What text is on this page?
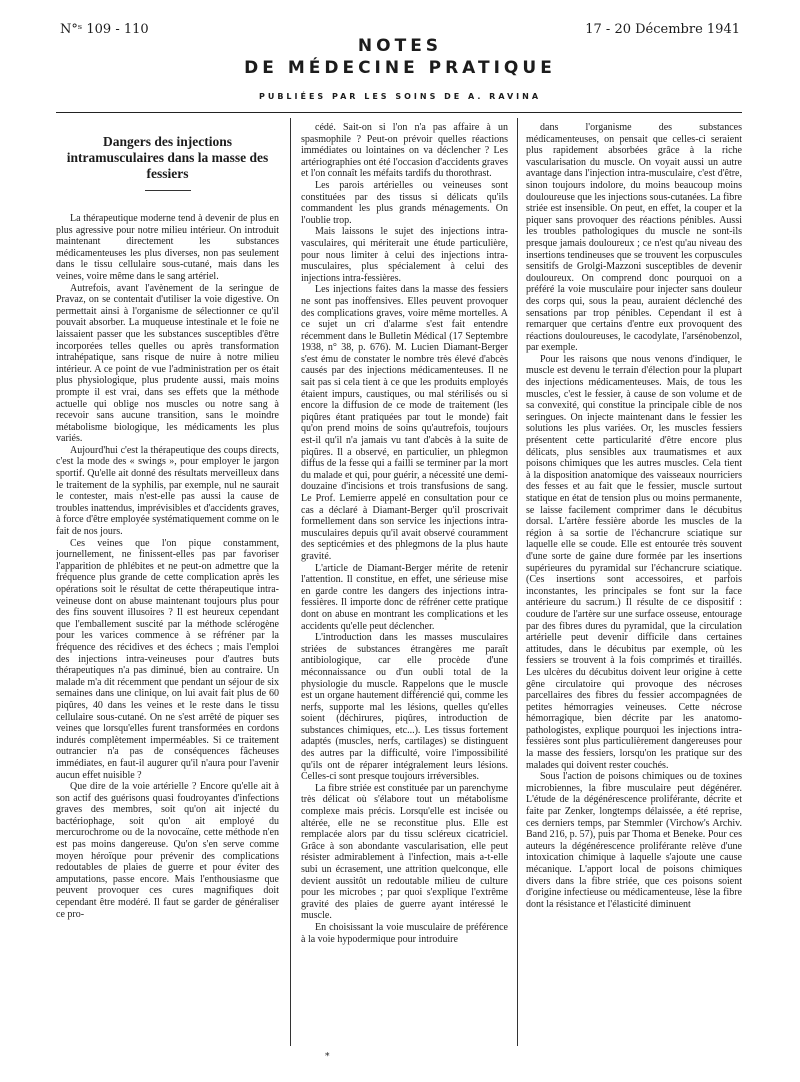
N°ˢ 109 - 110	17 - 20 Décembre 1941
NOTES
DE MÉDECINE PRATIQUE
PUBLIÉES PAR LES SOINS DE A. RAVINA
Dangers des injections intramusculaires dans la masse des fessiers

La thérapeutique moderne tend à devenir de plus en plus agressive pour notre milieu intérieur. On introduit maintenant directement les substances médicamenteuses les plus diverses, non pas seulement dans le tissu cellulaire sous-cutané, mais dans les veines, voire même dans le sang artériel.

Autrefois, avant l'avènement de la seringue de Pravaz, on se contentait d'utiliser la voie digestive. On permettait ainsi à l'organisme de sélectionner ce qu'il pouvait absorber. La muqueuse intestinale et le foie ne laissaient passer que les substances susceptibles d'être incorporées telles quelles ou après transformation intrahépatique, sans risque de nuire à notre milieu intérieur. A ce point de vue l'administration per os était plus physiologique, plus prudente aussi, mais moins prompte il est vrai, dans ses effets que la méthode actuelle qui oblige nos muscles ou notre sang à recevoir sans aucune transition, sans le moindre métabolisme biologique, les médicaments les plus variés.

Aujourd'hui c'est la thérapeutique des coups directs, c'est la mode des « swings », pour employer le jargon sportif. Qu'elle ait donné des résultats merveilleux dans le traitement de la syphilis, par exemple, nul ne saurait le contester, mais n'est-elle pas aussi la cause de troubles inattendus, imprévisibles et d'accidents graves, à force d'être employée systématiquement comme on le fait de nos jours.

Ces veines que l'on pique constamment, journellement, ne finissent-elles pas par favoriser l'apparition de phlébites et ne peut-on admettre que la fréquence plus grande de cette complication après les opérations soit le résultat de cette thérapeutique intra-veineuse dont on abuse maintenant toujours plus pour des fins souvent illusoires ? Il est heureux cependant que l'emballement suscité par la méthode sclérogène pour les varices commence à se réfréner par la fréquence des récidives et des échecs ; mais l'emploi des injections intra-veineuses pour d'autres buts thérapeutiques n'a pas diminué, bien au contraire. Un malade m'a dit récemment que pendant un séjour de six semaines dans une clinique, on lui avait fait plus de 60 piqûres, 40 dans les veines et le reste dans le tissu cellulaire sous-cutané. On ne s'est arrêté de piquer ses veines que lorsqu'elles furent transformées en cordons indurés complètement imperméables. Si ce traitement outrancier n'a pas de conséquences fâcheuses immédiates, en faut-il augurer qu'il n'aura pour l'avenir aucun effet nuisible ?

Que dire de la voie artérielle ? Encore qu'elle ait à son actif des guérisons quasi foudroyantes d'infections graves des membres, soit qu'on ait injecté du bactériophage, soit qu'on ait employé du mercurochrome ou de la novocaïne, cette méthode n'en est pas moins dangereuse. Qu'on s'en serve comme moyen héroïque pour prévenir des complications redoutables de plaies de guerre et pour éviter des amputations, passe encore. Mais l'enthousiasme que peuvent provoquer ces cures magnifiques doit cependant être modéré. Il faut se garder de généraliser ce pro-

cédé. Sait-on si l'on n'a pas affaire à un spasmophile ? Peut-on prévoir quelles réactions immédiates ou lointaines on va déclencher ? Les artériographies ont été l'occasion d'accidents graves et l'on connaît les méfaits tardifs du thorothrast.

Les parois artérielles ou veineuses sont constituées par des tissus si délicats qu'ils commandent les plus grands ménagements. On l'oublie trop.

Mais laissons le sujet des injections intra-vasculaires, qui mériterait une étude particulière, pour nous limiter à celui des injections intra-musculaires, plus spécialement à celui des injections intra-fessières.

Les injections faites dans la masse des fessiers ne sont pas inoffensives. Elles peuvent provoquer des complications graves, voire même mortelles. A ce sujet un cri d'alarme s'est fait entendre récemment dans le Bulletin Médical (17 Septembre 1938, n° 38, p. 676). M. Lucien Diamant-Berger s'est ému de constater le nombre très élevé d'abcès causés par des injections médicamenteuses. Il ne sait pas si cela tient à ce que les produits employés étaient impurs, caustiques, ou mal stérilisés ou si encore la diffusion de ce mode de traitement (les piqûres étant pratiquées par tout le monde) fait qu'on prend moins de soins qu'autrefois, toujours est-il qu'il n'a jamais vu tant d'abcès à la suite de piqûres. Il a observé, en particulier, un phlegmon diffus de la fesse qui a failli se terminer par la mort du malade et qui, pour guérir, a nécessité une demi-douzaine d'incisions et trois transfusions de sang. Le Prof. Lemierre appelé en consultation pour ce cas a déclaré à Diamant-Berger qu'il proscrivait formellement dans son service les injections intra-musculaires depuis qu'il avait observé couramment des septicémies et des phlegmons de la plus haute gravité.

L'article de Diamant-Berger mérite de retenir l'attention. Il constitue, en effet, une sérieuse mise en garde contre les dangers des injections intra-fessières. Il importe donc de réfréner cette pratique dont on abuse en montrant les complications et les accidents qu'elle peut déclencher.

L'introduction dans les masses musculaires striées de substances étrangères me paraît antibiologique, car elle procède d'une méconnaissance ou d'un oubli total de la physiologie du muscle. Rappelons que le muscle est un organe hautement différencié qui, comme les nerfs, supporte mal les lésions, quelles qu'elles soient (déchirures, piqûres, introduction de substances chimiques, etc...). Les tissus fortement adaptés (muscles, nerfs, cartilages) se distinguent des autres par la difficulté, voire l'impossibilité qu'ils ont de réparer intégralement leurs lésions. Celles-ci sont presque toujours irréversibles.

La fibre striée est constituée par un parenchyme très délicat où s'élabore tout un métabolisme complexe mais précis. Lorsqu'elle est incisée ou altérée, elle ne se reconstitue plus. Elle est remplacée alors par du tissu scléreux cicatriciel. Grâce à son abondante vascularisation, elle peut résister admirablement à l'infection, mais a-t-elle subi un écrasement, une attrition quelconque, elle devient aussitôt un redoutable milieu de culture pour les microbes ; par quoi s'explique l'extrême gravité des plaies de guerre ayant intéressé le muscle.

En choisissant la voie musculaire de préférence à la voie hypodermique pour introduire

dans l'organisme des substances médicamenteuses, on pensait que celles-ci seraient plus rapidement absorbées grâce à la riche vascularisation du muscle. On voyait aussi un autre avantage dans l'injection intra-musculaire, c'est d'être, sinon toujours indolore, du moins beaucoup moins douloureuse que les injections sous-cutanées. La fibre striée est insensible. On peut, en effet, la couper et la piquer sans provoquer des réactions pénibles. Aussi les troubles pathologiques du muscle ne sont-ils presque jamais douloureux ; ce n'est qu'au niveau des insertions tendineuses que se trouvent les corpuscules sensitifs de Grolgi-Mazzoni susceptibles de devenir douloureux. On comprend donc pourquoi on a préféré la voie musculaire pour injecter sans douleur des corps qui, sous la peau, auraient déclenché des sensations par trop pénibles. Cependant il est à remarquer que certains d'entre eux provoquent des réactions douloureuses, le cacodylate, l'arsénobenzol, par exemple.

Pour les raisons que nous venons d'indiquer, le muscle est devenu le terrain d'élection pour la plupart des injections médicamenteuses. Mais, de tous les muscles, c'est le fessier, à cause de son volume et de sa convexité, qui constitue la principale cible de nos seringues. On injecte maintenant dans le fessier les solutions les plus variées. Or, les muscles fessiers présentent cette particularité d'être encore plus délicats, plus sensibles aux traumatismes et aux poisons chimiques que les autres muscles. Cela tient à la disposition anatomique des vaisseaux nourriciers des fesses et au fait que le fessier, muscle surtout statique en état de tension plus ou moins permanente, se laisse facilement comprimer dans le décubitus dorsal. L'artère fessière aborde les muscles de la région à sa sortie de l'échancrure sciatique sur laquelle elle se coude. Elle est entourée très souvent d'une sorte de gaine dure formée par les insertions supérieures du pyramidal sur l'échancrure sciatique. (Ces insertions sont accessoires, et parfois inconstantes, les principales se font sur la face antérieure du sacrum.) Il résulte de ce dispositif : coudure de l'artère sur une surface osseuse, entourage par des fibres dures du pyramidal, que la circulation artérielle peut devenir difficile dans certaines attitudes, dans le décubitus par exemple, où les fessiers se trouvent à la fois comprimés et tiraillés. Les ulcères du décubitus doivent leur origine à cette gêne circulatoire qui provoque des nécroses parcellaires des fibres du fessier accompagnées de petites hémorragies veineuses. Cette nécrose hémorragique, bien décrite par les anatomo-pathologistes, explique pourquoi les injections intra-fessières sont plus particulièrement dangereuses pour la masse des fessiers, lorsqu'on les pratique sur des malades qui doivent rester couchés.

Sous l'action de poisons chimiques ou de toxines microbiennes, la fibre musculaire peut dégénérer. L'étude de la dégénérescence proliférante, décrite et faite par Zenker, longtemps délaissée, a été reprise, ces derniers temps, par Stemmler (Virchow's Archiv. Band 216, p. 57), puis par Thoma et Beneke. Pour ces auteurs la dégénérescence proliférante relève d'une intoxication chimique à laquelle s'ajoute une cause mécanique. L'apport local de poisons chimiques divers dans la fibre striée, que ces poisons soient d'origine infectieuse ou médicamenteuse, lèse la fibre dont la résistance et l'élasticité diminuent

*
